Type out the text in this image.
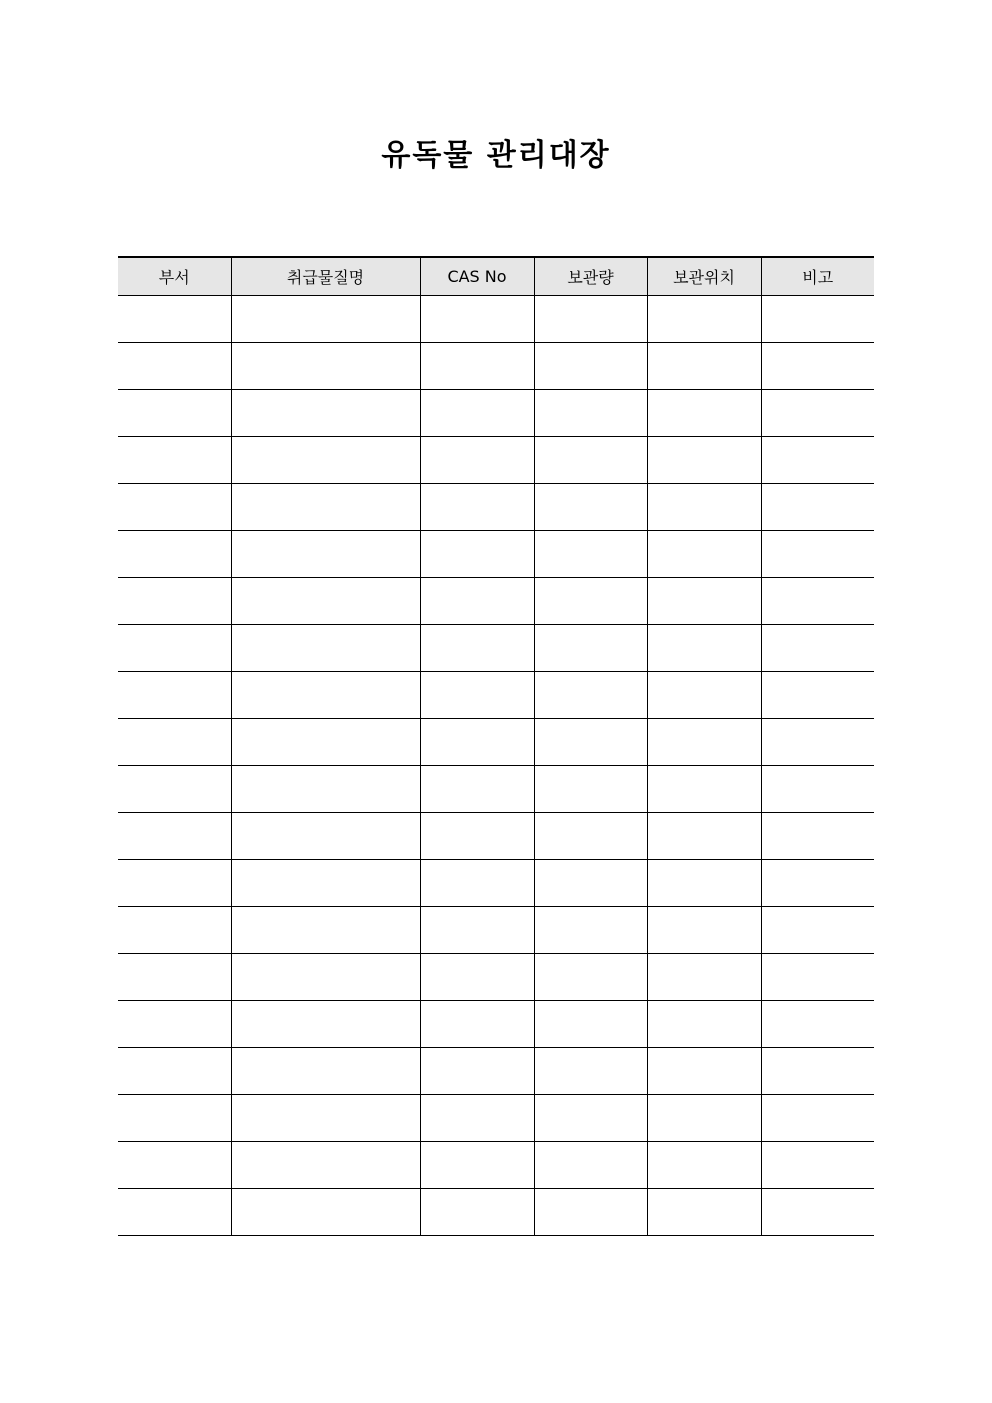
유독물 관리대장
부서	취급물질명	CAS No	보관량	보관위치	비고
